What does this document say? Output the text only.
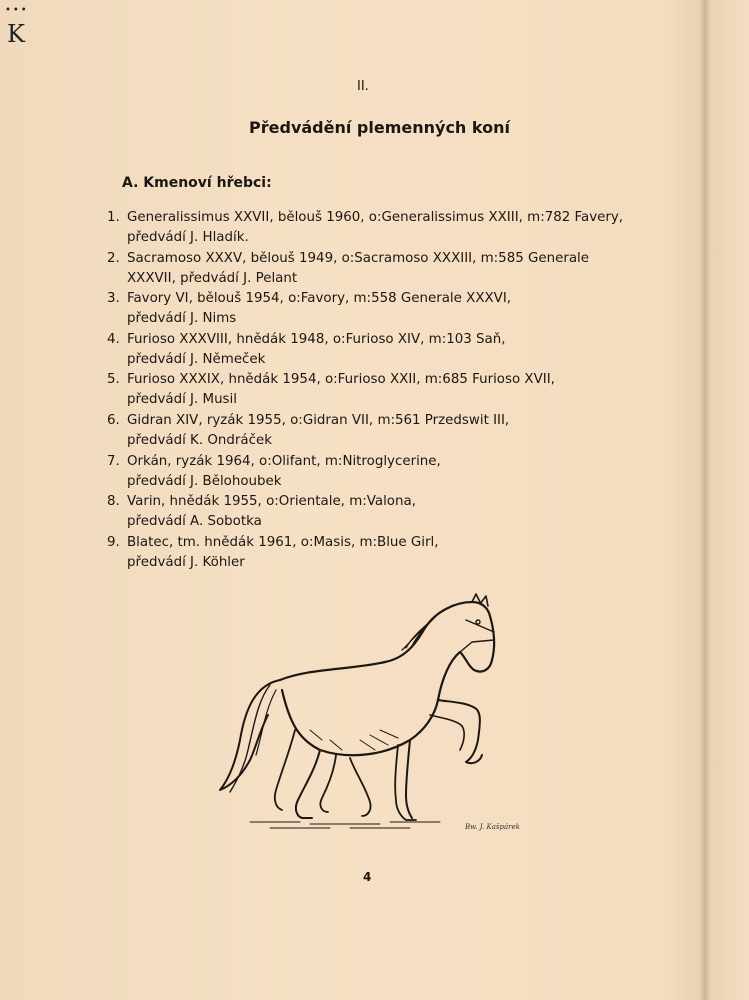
•••
K
II.
Předvádění plemenných koní
A. Kmenoví hřebci:
1. Generalissimus XXVII, bělouš 1960, o:Generalissimus XXIII, m:782 Favery,
předvádí J. Hladík.
2. Sacramoso XXXV, bělouš 1949, o:Sacramoso XXXIII, m:585 Generale
XXXVII, předvádí J. Pelant
3. Favory VI, bělouš 1954, o:Favory, m:558 Generale XXXVI,
předvádí J. Nims
4. Furioso XXXVIII, hnědák 1948, o:Furioso XIV, m:103 Saň,
předvádí J. Němeček
5. Furioso XXXIX, hnědák 1954, o:Furioso XXII, m:685 Furioso XVII,
předvádí J. Musil
6. Gidran XIV, ryzák 1955, o:Gidran VII, m:561 Przedswit III,
předvádí K. Ondráček
7. Orkán, ryzák 1964, o:Olifant, m:Nitroglycerine,
předvádí J. Bělohoubek
8. Varin, hnědák 1955, o:Orientale, m:Valona,
předvádí A. Sobotka
9. Blatec, tm. hnědák 1961, o:Masis, m:Blue Girl,
předvádí J. Köhler
Bw. J. Kašpárek
4
